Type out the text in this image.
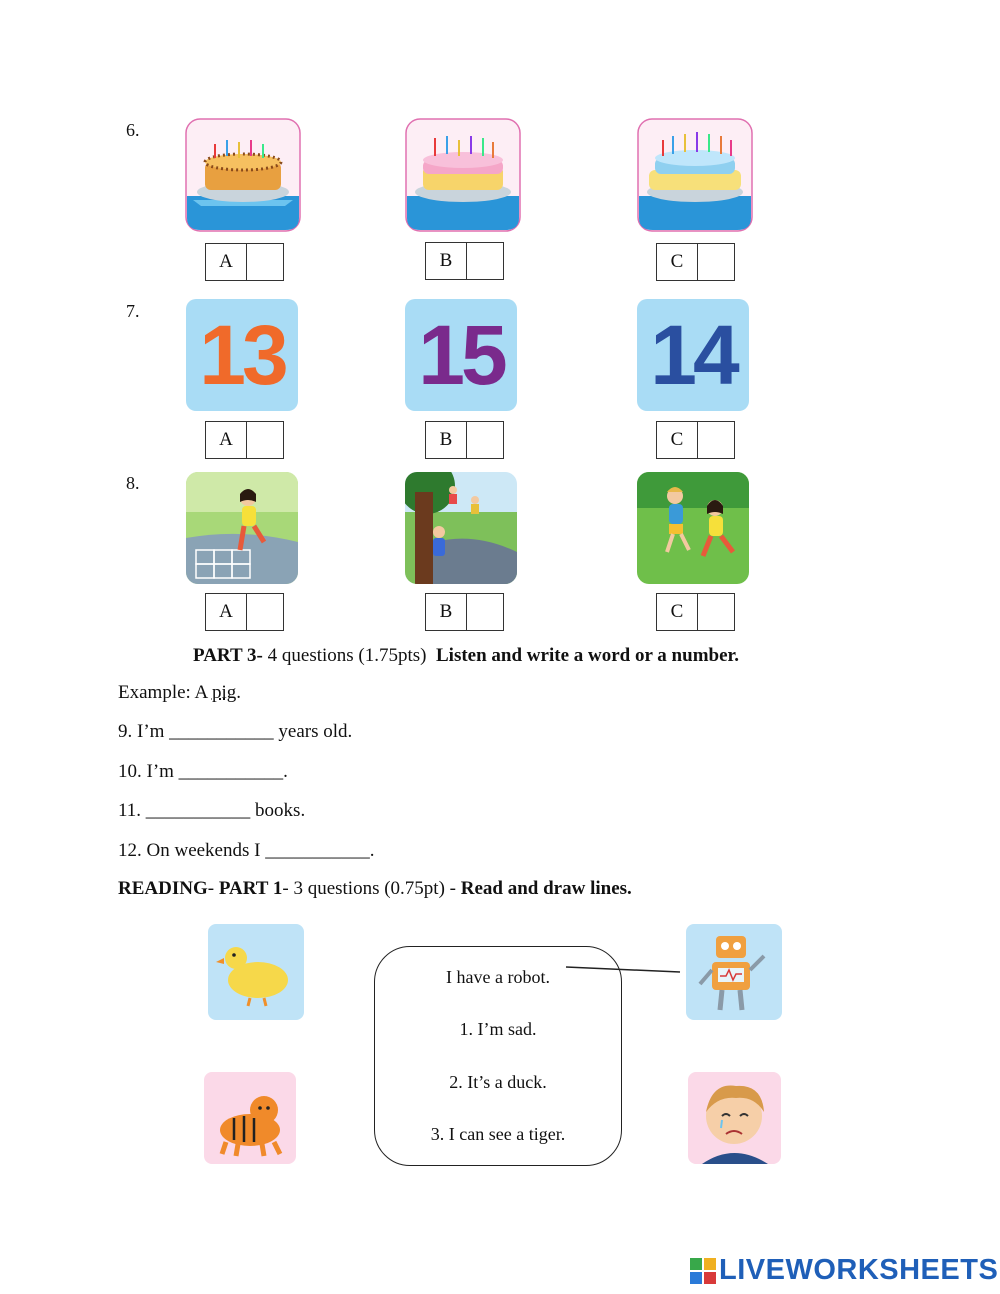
6.
A	B	C
7. 13 15 14
A	B	C
8.
A	B	C
PART 3- 4 questions (1.75pts)  Listen and write a word or a number.
Example: A pig.
9. I’m ___________ years old.
10. I’m ___________.
11. ___________ books.
12. On weekends I ___________.
READING- PART 1- 3 questions (0.75pt) - Read and draw lines.
I have a robot.
1. I’m sad.
2. It’s a duck.
3. I can see a tiger.
LIVEWORKSHEETS
